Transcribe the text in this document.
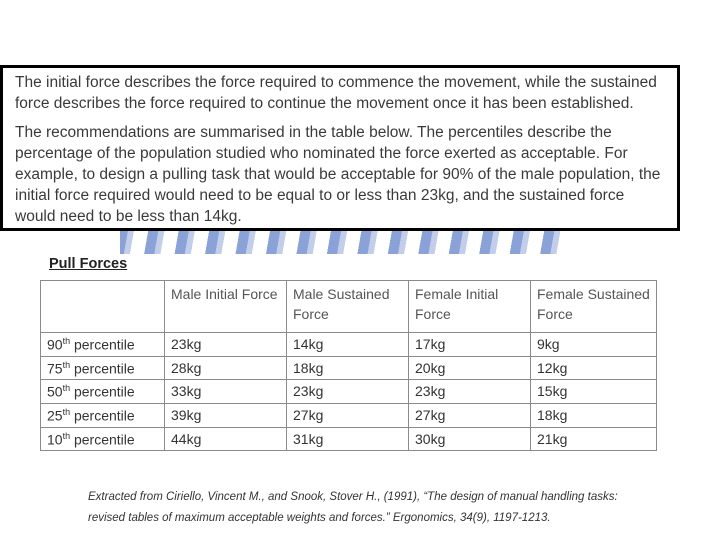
The initial force describes the force required to commence the movement, while the sustained force describes the force required to continue the movement once it has been established.

The recommendations are summarised in the table below. The percentiles describe the percentage of the population studied who nominated the force exerted as acceptable. For example, to design a pulling task that would be acceptable for 90% of the male population, the initial force required would need to be equal to or less than 23kg, and the sustained force would need to be less than 14kg.

Pull Forces
	Male Initial Force	Male Sustained Force	Female Initial Force	Female Sustained Force
90th percentile	23kg	14kg	17kg	9kg
75th percentile	28kg	18kg	20kg	12kg
50th percentile	33kg	23kg	23kg	15kg
25th percentile	39kg	27kg	27kg	18kg
10th percentile	44kg	31kg	30kg	21kg
Extracted from Ciriello, Vincent M., and Snook, Stover H., (1991), “The design of manual handling tasks:
revised tables of maximum acceptable weights and forces.” Ergonomics, 34(9), 1197-1213.
